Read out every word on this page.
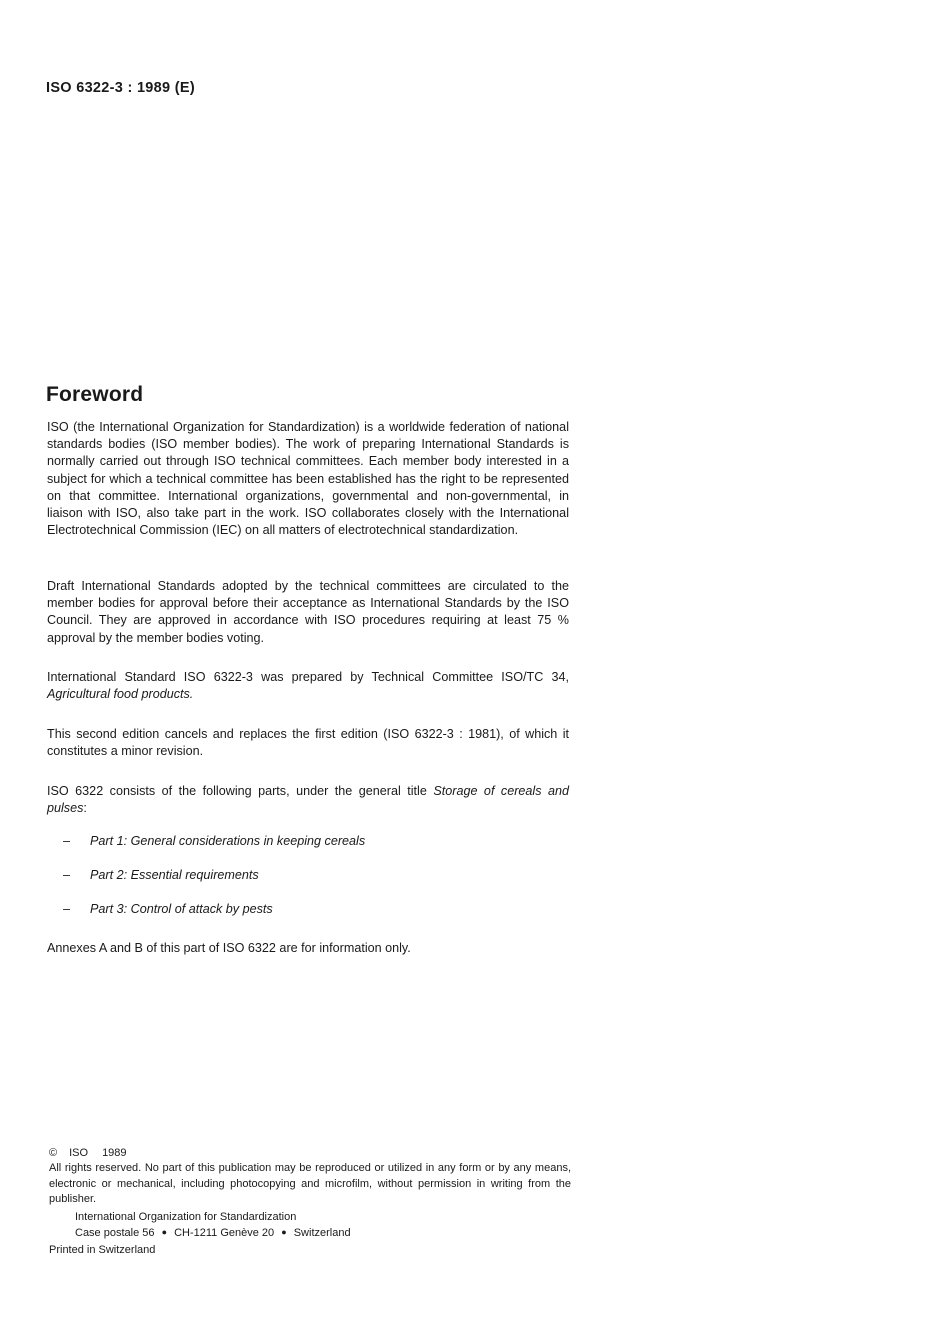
ISO 6322-3 : 1989 (E)
Foreword
ISO (the International Organization for Standardization) is a worldwide federation of national standards bodies (ISO member bodies). The work of preparing International Standards is normally carried out through ISO technical committees. Each member body interested in a subject for which a technical committee has been established has the right to be represented on that committee. International organizations, governmental and non-governmental, in liaison with ISO, also take part in the work. ISO collaborates closely with the International Electrotechnical Commission (IEC) on all matters of electrotechnical standardization.
Draft International Standards adopted by the technical committees are circulated to the member bodies for approval before their acceptance as International Standards by the ISO Council. They are approved in accordance with ISO procedures requiring at least 75 % approval by the member bodies voting.
International Standard ISO 6322-3 was prepared by Technical Committee ISO/TC 34, Agricultural food products.
This second edition cancels and replaces the first edition (ISO 6322-3 : 1981), of which it constitutes a minor revision.
ISO 6322 consists of the following parts, under the general title Storage of cereals and pulses:
– Part 1: General considerations in keeping cereals
– Part 2: Essential requirements
– Part 3: Control of attack by pests
Annexes A and B of this part of ISO 6322 are for information only.
© ISO 1989
All rights reserved. No part of this publication may be reproduced or utilized in any form or by any means, electronic or mechanical, including photocopying and microfilm, without permission in writing from the publisher.
International Organization for Standardization
Case postale 56 ● CH-1211 Genève 20 ● Switzerland
Printed in Switzerland
